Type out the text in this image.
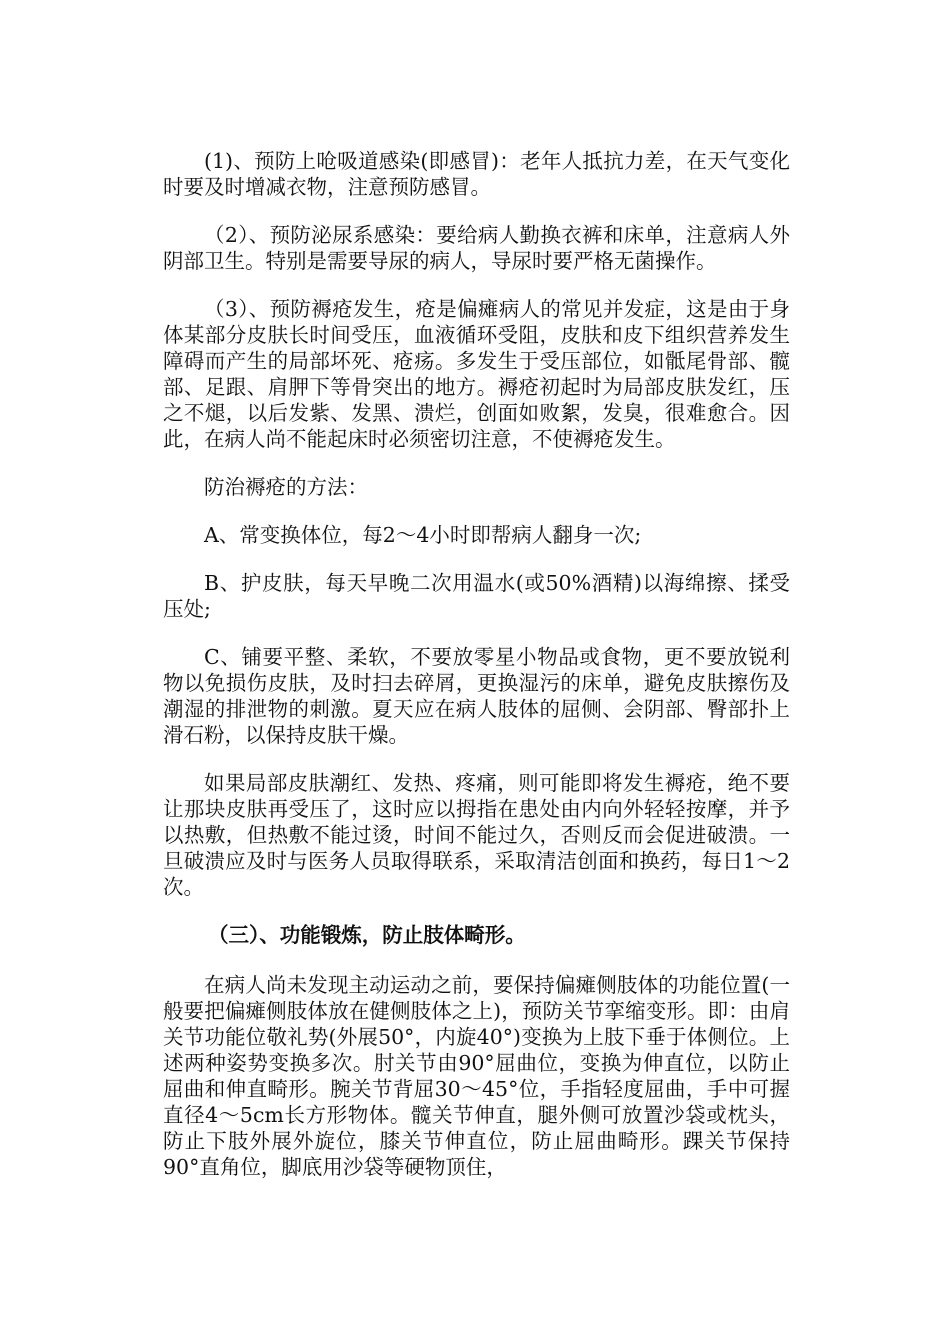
(1)、预防上呛吸道感染(即感冒)：老年人抵抗力差，在天气变化时要及时增减衣物，注意预防感冒。

（2）、预防泌尿系感染：要给病人勤换衣裤和床单，注意病人外阴部卫生。特别是需要导尿的病人，导尿时要严格无菌操作。

（3）、预防褥疮发生，疮是偏瘫病人的常见并发症，这是由于身体某部分皮肤长时间受压，血液循环受阻，皮肤和皮下组织营养发生障碍而产生的局部坏死、疮疡。多发生于受压部位，如骶尾骨部、髋部、足跟、肩胛下等骨突出的地方。褥疮初起时为局部皮肤发红，压之不煺，以后发紫、发黑、溃烂，创面如败絮，发臭，很难愈合。因此，在病人尚不能起床时必须密切注意，不使褥疮发生。

防治褥疮的方法：

A、常变换体位，每2～4小时即帮病人翻身一次;

B、护皮肤，每天早晚二次用温水(或50%酒精)以海绵擦、揉受压处;

C、铺要平整、柔软，不要放零星小物品或食物，更不要放锐利物以免损伤皮肤，及时扫去碎屑，更换湿污的床单，避免皮肤擦伤及潮湿的排泄物的刺激。夏天应在病人肢体的屈侧、会阴部、臀部扑上滑石粉，以保持皮肤干燥。

如果局部皮肤潮红、发热、疼痛，则可能即将发生褥疮，绝不要让那块皮肤再受压了，这时应以拇指在患处由内向外轻轻按摩，并予以热敷，但热敷不能过烫，时间不能过久，否则反而会促进破溃。一旦破溃应及时与医务人员取得联系，采取清洁创面和换药，每日1～2次。

（三）、功能锻炼，防止肢体畸形。

在病人尚未发现主动运动之前，要保持偏瘫侧肢体的功能位置(一般要把偏瘫侧肢体放在健侧肢体之上)，预防关节挛缩变形。即：由肩关节功能位敬礼势(外展50°，内旋40°)变换为上肢下垂于体侧位。上述两种姿势变换多次。肘关节由90°屈曲位，变换为伸直位，以防止屈曲和伸直畸形。腕关节背屈30～45°位，手指轻度屈曲，手中可握直径4～5cm长方形物体。髋关节伸直，腿外侧可放置沙袋或枕头，防止下肢外展外旋位，膝关节伸直位，防止屈曲畸形。踝关节保持90°直角位，脚底用沙袋等硬物顶住，
